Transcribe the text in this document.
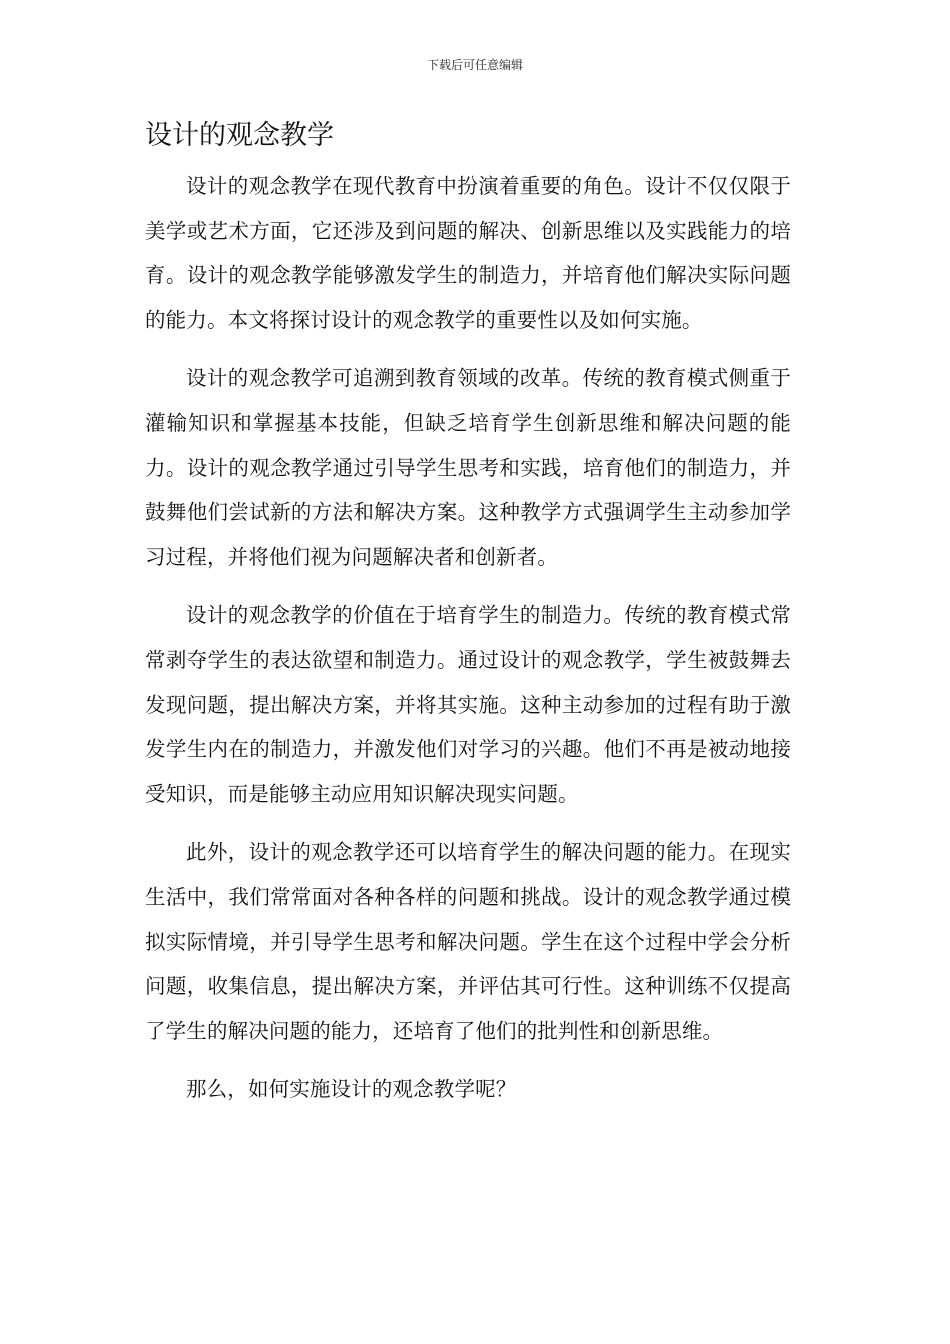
下载后可任意编辑
设计的观念教学

设计的观念教学在现代教育中扮演着重要的角色。设计不仅仅限于美学或艺术方面，它还涉及到问题的解决、创新思维以及实践能力的培育。设计的观念教学能够激发学生的制造力，并培育他们解决实际问题的能力。本文将探讨设计的观念教学的重要性以及如何实施。

设计的观念教学可追溯到教育领域的改革。传统的教育模式侧重于灌输知识和掌握基本技能，但缺乏培育学生创新思维和解决问题的能力。设计的观念教学通过引导学生思考和实践，培育他们的制造力，并鼓舞他们尝试新的方法和解决方案。这种教学方式强调学生主动参加学习过程，并将他们视为问题解决者和创新者。

设计的观念教学的价值在于培育学生的制造力。传统的教育模式常常剥夺学生的表达欲望和制造力。通过设计的观念教学，学生被鼓舞去发现问题，提出解决方案，并将其实施。这种主动参加的过程有助于激发学生内在的制造力，并激发他们对学习的兴趣。他们不再是被动地接受知识，而是能够主动应用知识解决现实问题。

此外，设计的观念教学还可以培育学生的解决问题的能力。在现实生活中，我们常常面对各种各样的问题和挑战。设计的观念教学通过模拟实际情境，并引导学生思考和解决问题。学生在这个过程中学会分析问题，收集信息，提出解决方案，并评估其可行性。这种训练不仅提高了学生的解决问题的能力，还培育了他们的批判性和创新思维。

那么，如何实施设计的观念教学呢？
